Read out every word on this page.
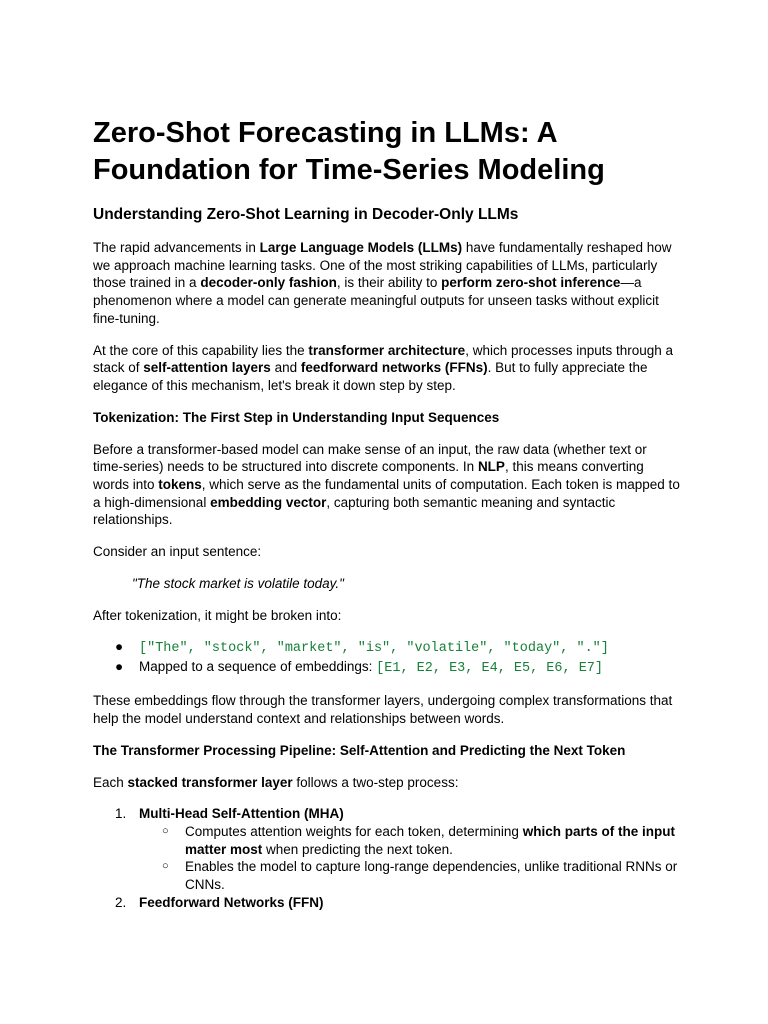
Zero-Shot Forecasting in LLMs: A Foundation for Time-Series Modeling
Understanding Zero-Shot Learning in Decoder-Only LLMs

The rapid advancements in Large Language Models (LLMs) have fundamentally reshaped how we approach machine learning tasks. One of the most striking capabilities of LLMs, particularly those trained in a decoder-only fashion, is their ability to perform zero-shot inference—a phenomenon where a model can generate meaningful outputs for unseen tasks without explicit fine-tuning.

At the core of this capability lies the transformer architecture, which processes inputs through a stack of self-attention layers and feedforward networks (FFNs). But to fully appreciate the elegance of this mechanism, let's break it down step by step.

Tokenization: The First Step in Understanding Input Sequences

Before a transformer-based model can make sense of an input, the raw data (whether text or time-series) needs to be structured into discrete components. In NLP, this means converting words into tokens, which serve as the fundamental units of computation. Each token is mapped to a high-dimensional embedding vector, capturing both semantic meaning and syntactic relationships.

Consider an input sentence:

"The stock market is volatile today."

After tokenization, it might be broken into:

● ["The", "stock", "market", "is", "volatile", "today", "."]
● Mapped to a sequence of embeddings: [E1, E2, E3, E4, E5, E6, E7]

These embeddings flow through the transformer layers, undergoing complex transformations that help the model understand context and relationships between words.

The Transformer Processing Pipeline: Self-Attention and Predicting the Next Token

Each stacked transformer layer follows a two-step process:

1. Multi-Head Self-Attention (MHA)
○ Computes attention weights for each token, determining which parts of the input matter most when predicting the next token.
○ Enables the model to capture long-range dependencies, unlike traditional RNNs or CNNs.
2. Feedforward Networks (FFN)
